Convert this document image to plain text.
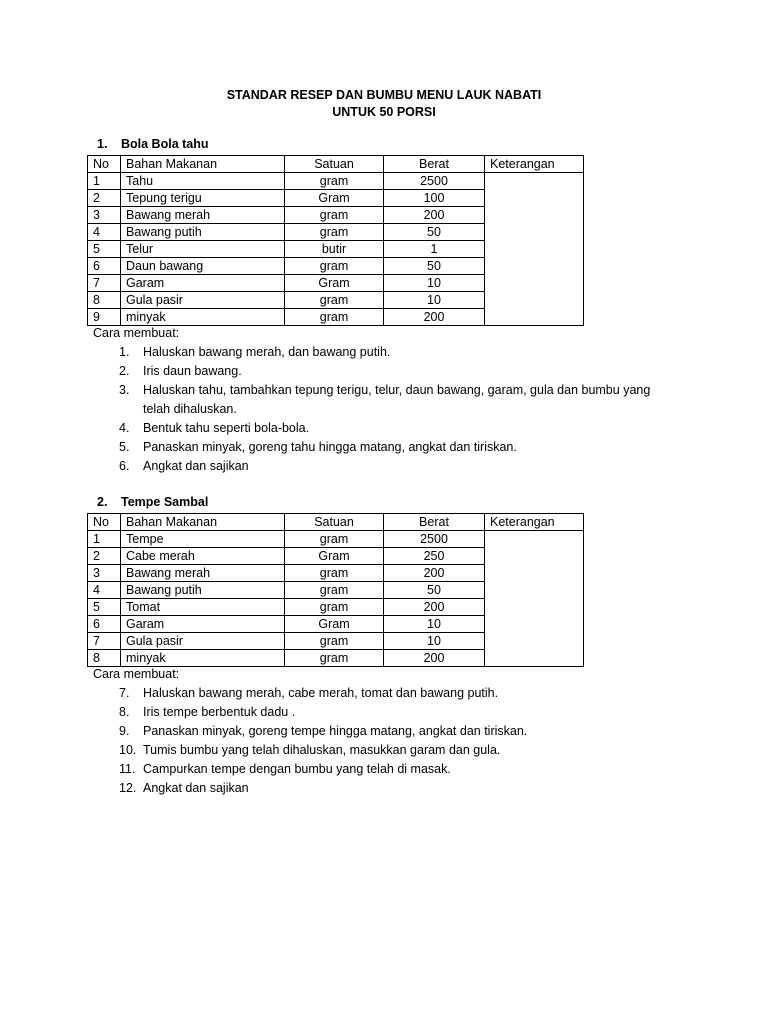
STANDAR RESEP DAN BUMBU MENU LAUK NABATI
UNTUK 50 PORSI
1. Bola Bola tahu
No	Bahan Makanan	Satuan	Berat	Keterangan
1	Tahu	gram	2500	
2	Tepung terigu	Gram	100	
3	Bawang merah	gram	200	
4	Bawang putih	gram	50	
5	Telur	butir	1	
6	Daun bawang	gram	50	
7	Garam	Gram	10	
8	Gula pasir	gram	10	
9	minyak	gram	200	
Cara membuat:
1. Haluskan bawang merah, dan bawang putih.
2. Iris daun bawang.
3. Haluskan tahu, tambahkan tepung terigu, telur, daun bawang, garam, gula dan bumbu yang
telah dihaluskan.
4. Bentuk tahu seperti bola-bola.
5. Panaskan minyak, goreng tahu hingga matang, angkat dan tiriskan.
6. Angkat dan sajikan
2. Tempe Sambal
No	Bahan Makanan	Satuan	Berat	Keterangan
1	Tempe	gram	2500	
2	Cabe merah	Gram	250	
3	Bawang merah	gram	200	
4	Bawang putih	gram	50	
5	Tomat	gram	200	
6	Garam	Gram	10	
7	Gula pasir	gram	10	
8	minyak	gram	200	
Cara membuat:
7. Haluskan bawang merah, cabe merah, tomat dan bawang putih.
8. Iris tempe berbentuk dadu .
9. Panaskan minyak, goreng tempe hingga matang, angkat dan tiriskan.
10. Tumis bumbu yang telah dihaluskan, masukkan garam dan gula.
11. Campurkan tempe dengan bumbu yang telah di masak.
12. Angkat dan sajikan
